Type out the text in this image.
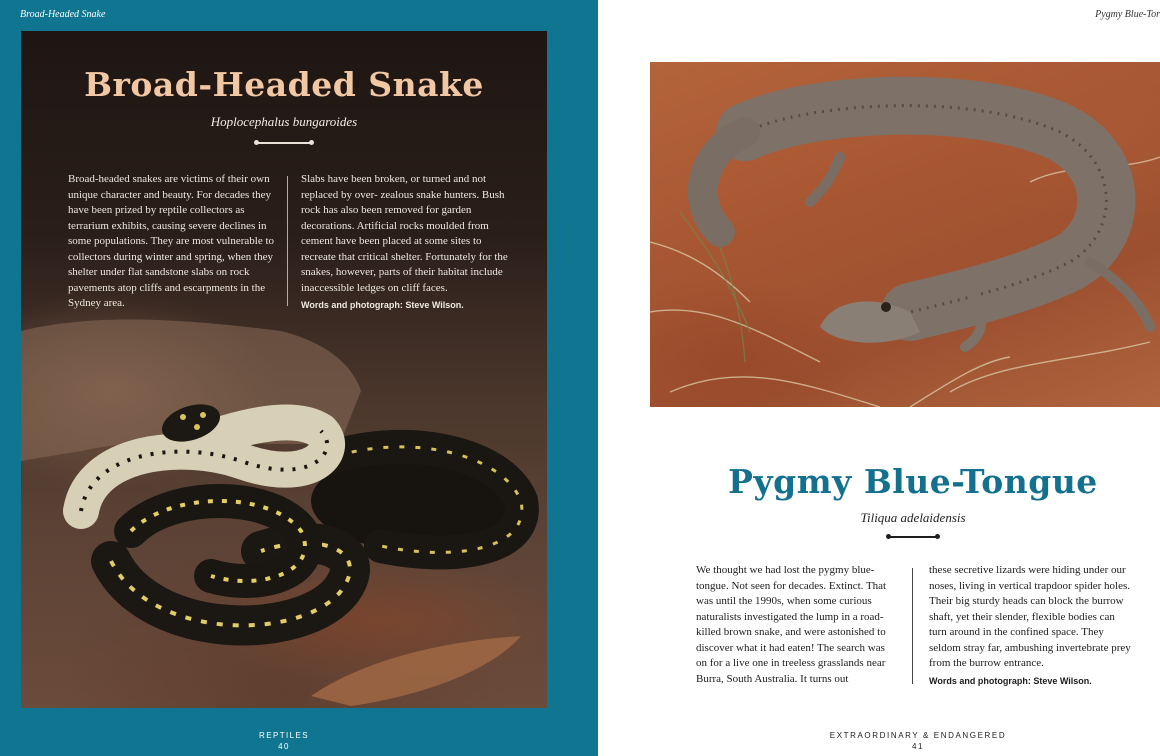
Broad-Headed Snake
Broad-Headed Snake
Hoplocephalus bungaroides
Broad-headed snakes are victims of their own unique character and beauty. For decades they have been prized by reptile collectors as terrarium exhibits, causing severe declines in some populations. They are most vulnerable to collectors during winter and spring, when they shelter under flat sandstone slabs on rock pavements atop cliffs and escarpments in the Sydney area.
Slabs have been broken, or turned and not replaced by over- zealous snake hunters. Bush rock has also been removed for garden decorations. Artificial rocks moulded from cement have been placed at some sites to recreate that critical shelter. Fortunately for the snakes, however, parts of their habitat include inaccessible ledges on cliff faces.
Words and photograph: Steve Wilson.
REPTILES
40
Pygmy Blue-Tor
Pygmy Blue-Tongue
Tiliqua adelaidensis
We thought we had lost the pygmy blue-tongue. Not seen for decades. Extinct. That was until the 1990s, when some curious naturalists investigated the lump in a road-killed brown snake, and were astonished to discover what it had eaten! The search was on for a live one in treeless grasslands near Burra, South Australia. It turns out
these secretive lizards were hiding under our noses, living in vertical trapdoor spider holes. Their big sturdy heads can block the burrow shaft, yet their slender, flexible bodies can turn around in the confined space. They seldom stray far, ambushing invertebrate prey from the burrow entrance.
Words and photograph: Steve Wilson.
EXTRAORDINARY & ENDANGERED
41
